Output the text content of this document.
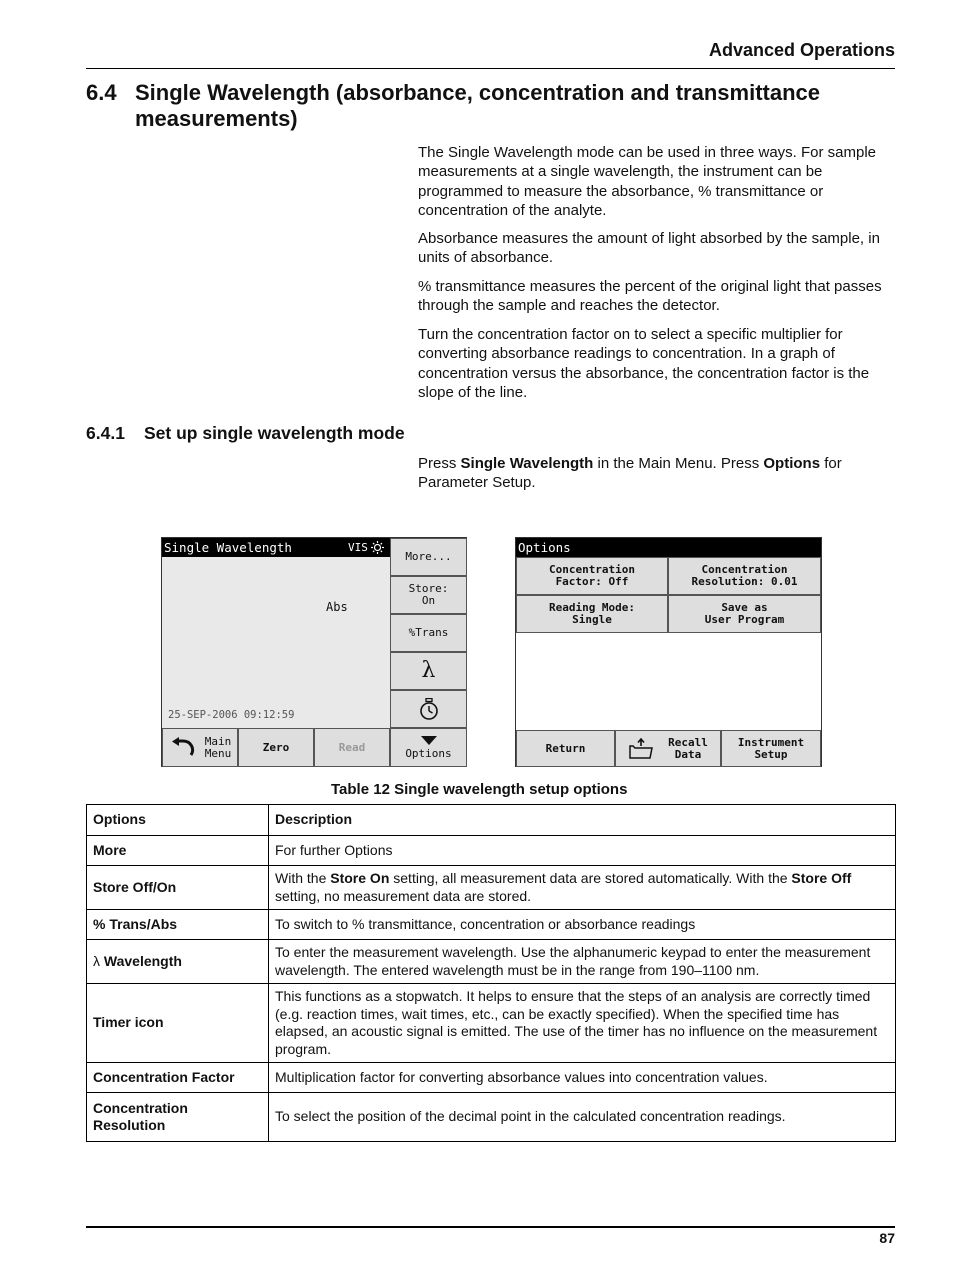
Advanced Operations
6.4 Single Wavelength (absorbance, concentration and transmittance measurements)

The Single Wavelength mode can be used in three ways. For sample measurements at a single wavelength, the instrument can be programmed to measure the absorbance, % transmittance or concentration of the analyte.

Absorbance measures the amount of light absorbed by the sample, in units of absorbance.

% transmittance measures the percent of the original light that passes through the sample and reaches the detector.

Turn the concentration factor on to select a specific multiplier for converting absorbance readings to concentration. In a graph of concentration versus the absorbance, the concentration factor is the slope of the line.

6.4.1 Set up single wavelength mode

Press Single Wavelength in the Main Menu. Press Options for Parameter Setup.

Single Wavelength	VIS
Abs
25-SEP-2006 09:12:59
More...
Store:
On
%Trans
λ
Main
Menu	Zero	Read	Options
Options
Concentration
Factor: Off
Concentration
Resolution: 0.01
Reading Mode:
Single
Save as
User Program
Return	Recall
Data
Instrument
Setup
Table 12 Single wavelength setup options
Options	Description
More	For further Options
Store Off/On	With the Store On setting, all measurement data are stored automatically. With the Store Off setting, no measurement data are stored.
% Trans/Abs	To switch to % transmittance, concentration or absorbance readings
λ Wavelength	To enter the measurement wavelength. Use the alphanumeric keypad to enter the measurement wavelength. The entered wavelength must be in the range from 190–1100 nm.
Timer icon	This functions as a stopwatch. It helps to ensure that the steps of an analysis are correctly timed (e.g. reaction times, wait times, etc., can be exactly specified). When the specified time has elapsed, an acoustic signal is emitted. The use of the timer has no influence on the measurement program.
Concentration Factor	Multiplication factor for converting absorbance values into concentration values.
Concentration
Resolution	To select the position of the decimal point in the calculated concentration readings.
87
